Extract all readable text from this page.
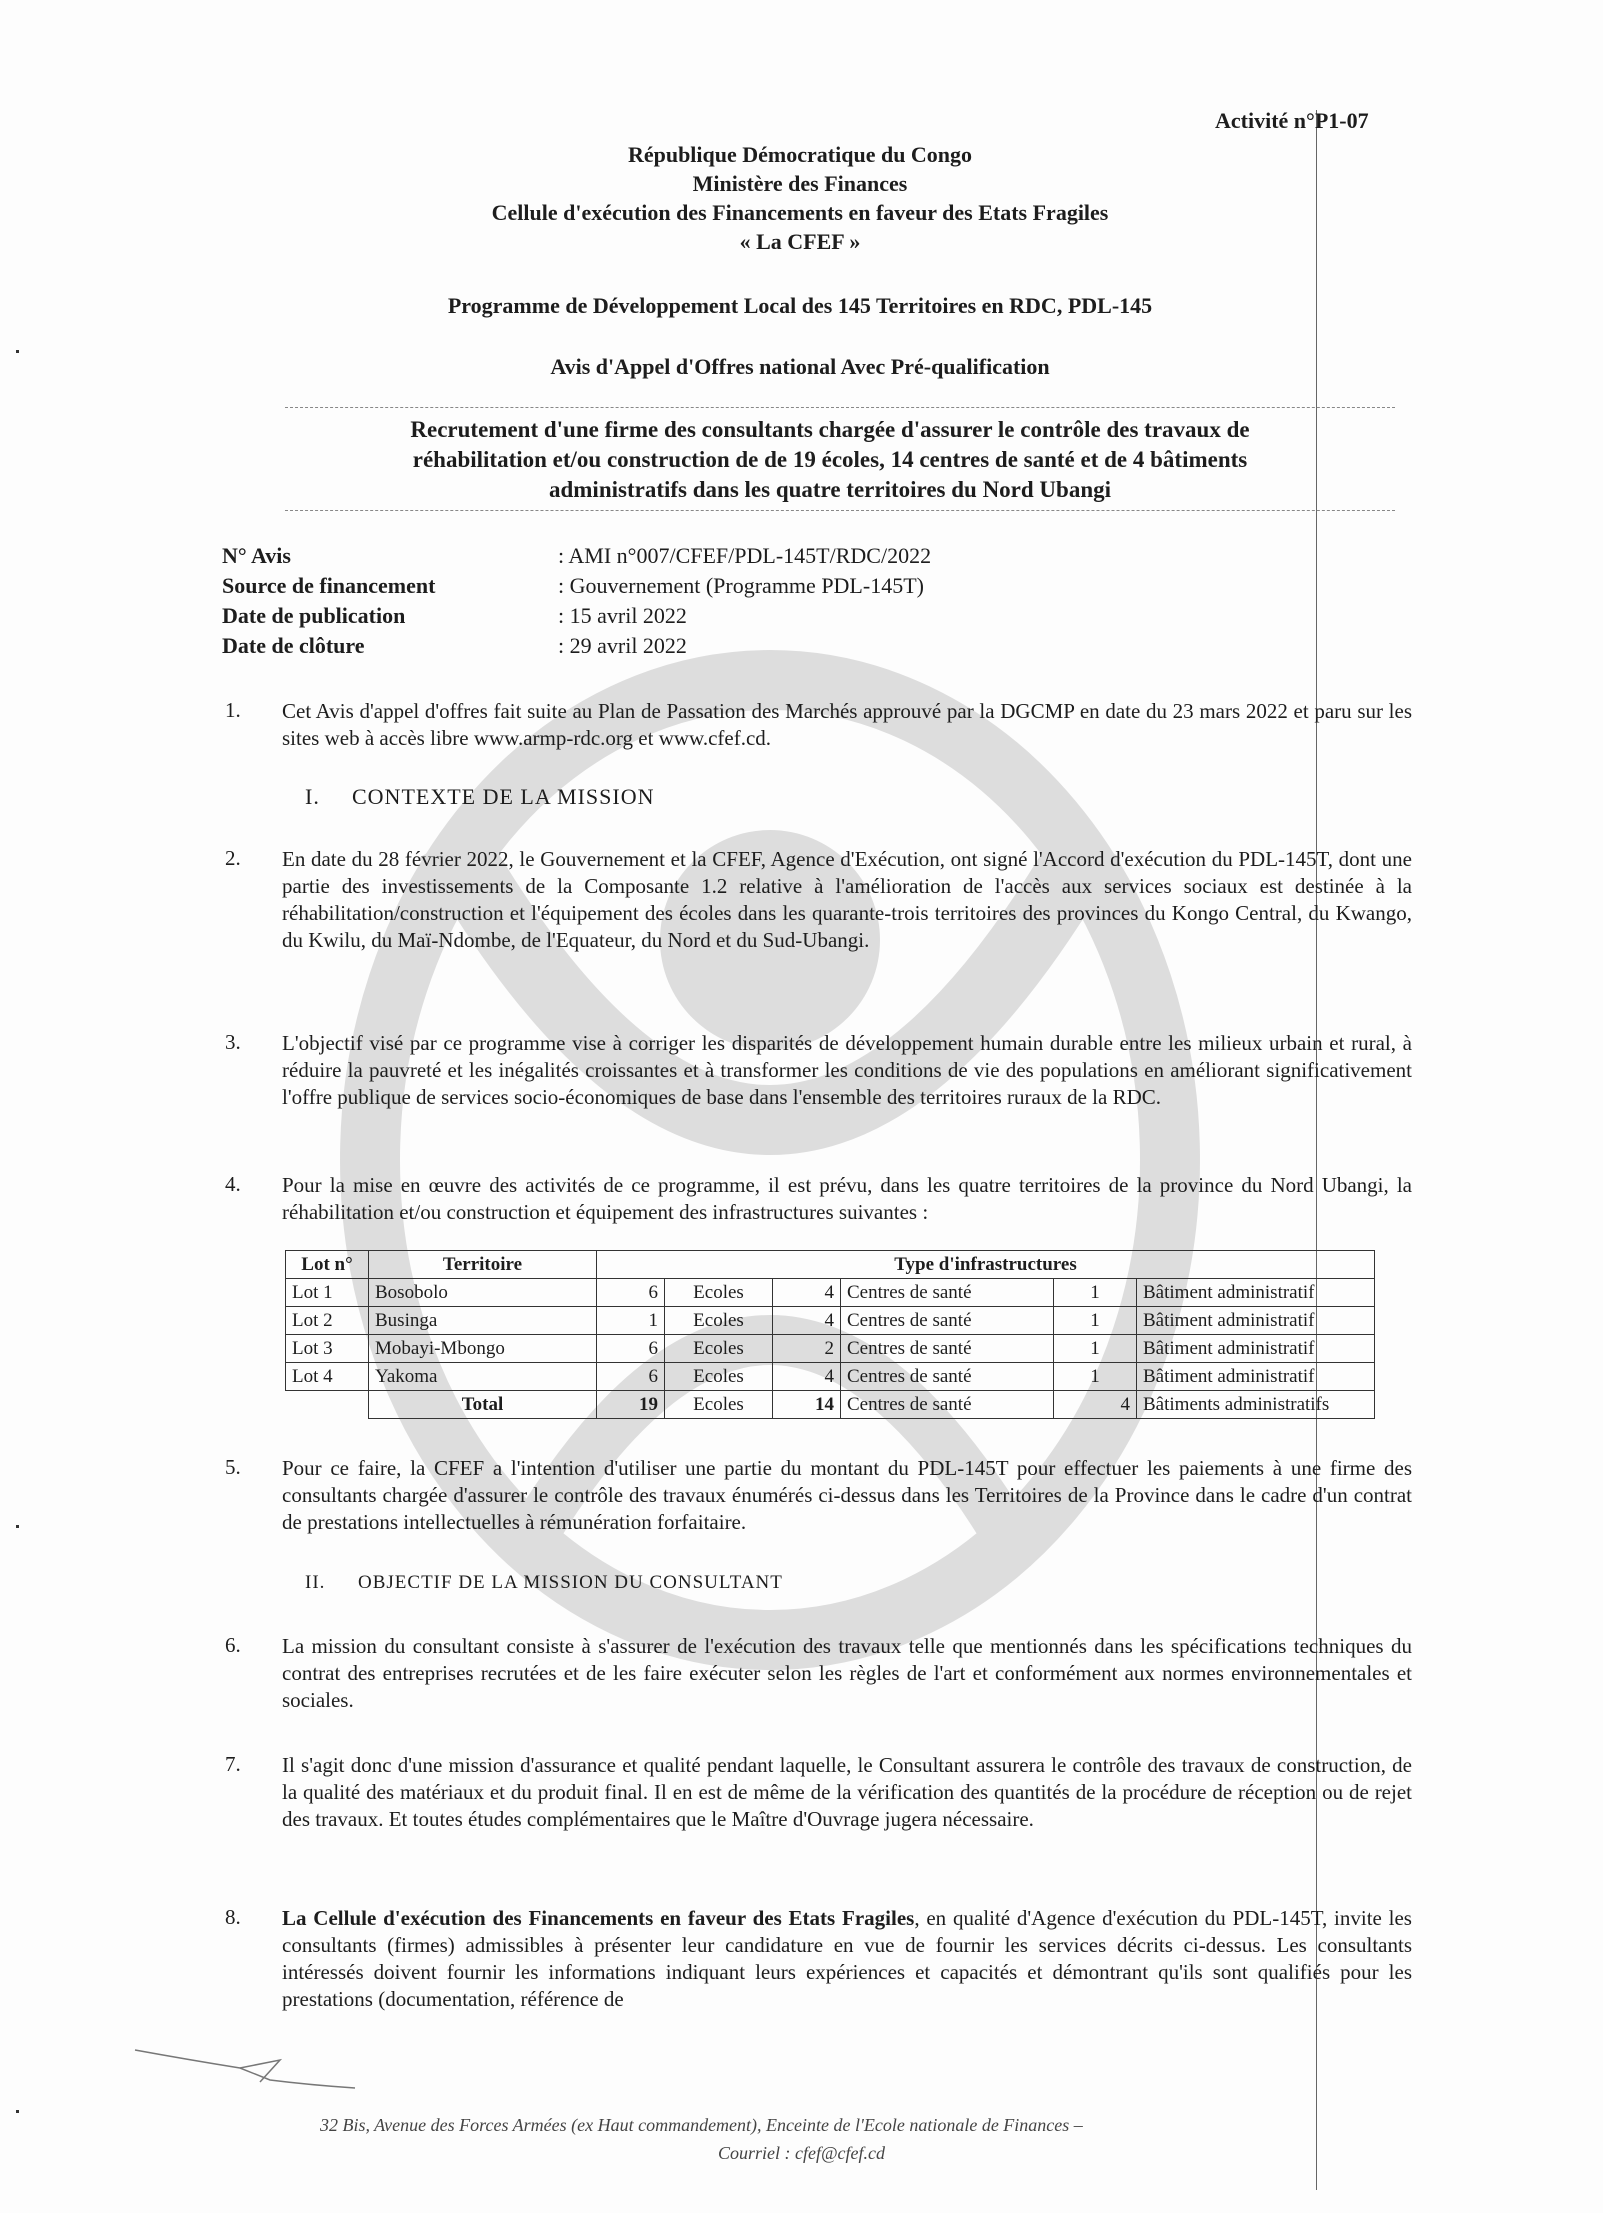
Activité n°P1-07
République Démocratique du Congo
Ministère des Finances
Cellule d'exécution des Financements en faveur des Etats Fragiles
« La CFEF »
Programme de Développement Local des 145 Territoires en RDC, PDL-145
Avis d'Appel d'Offres national Avec Pré-qualification
Recrutement d'une firme des consultants chargée d'assurer le contrôle des travaux de
réhabilitation et/ou construction de de 19 écoles, 14 centres de santé et de 4 bâtiments
administratifs dans les quatre territoires du Nord Ubangi
N° Avis	: AMI n°007/CFEF/PDL-145T/RDC/2022
Source de financement	: Gouvernement (Programme PDL-145T)
Date de publication	: 15 avril 2022
Date de clôture	: 29 avril 2022
1. Cet Avis d'appel d'offres fait suite au Plan de Passation des Marchés approuvé par la DGCMP en date du 23 mars 2022 et paru sur les sites web à accès libre www.armp-rdc.org et www.cfef.cd.
I. CONTEXTE DE LA MISSION
2. En date du 28 février 2022, le Gouvernement et la CFEF, Agence d'Exécution, ont signé l'Accord d'exécution du PDL-145T, dont une partie des investissements de la Composante 1.2 relative à l'amélioration de l'accès aux services sociaux est destinée à la réhabilitation/construction et l'équipement des écoles dans les quarante-trois territoires des provinces du Kongo Central, du Kwango, du Kwilu, du Maï-Ndombe, de l'Equateur, du Nord et du Sud-Ubangi.
3. L'objectif visé par ce programme vise à corriger les disparités de développement humain durable entre les milieux urbain et rural, à réduire la pauvreté et les inégalités croissantes et à transformer les conditions de vie des populations en améliorant significativement l'offre publique de services socio-économiques de base dans l'ensemble des territoires ruraux de la RDC.
4. Pour la mise en œuvre des activités de ce programme, il est prévu, dans les quatre territoires de la province du Nord Ubangi, la réhabilitation et/ou construction et équipement des infrastructures suivantes :
Lot n°	Territoire	Type d'infrastructures					
Lot 1	Bosobolo	6	Ecoles	4	Centres de santé	1	Bâtiment administratif
Lot 2	Businga	1	Ecoles	4	Centres de santé	1	Bâtiment administratif
Lot 3	Mobayi-Mbongo	6	Ecoles	2	Centres de santé	1	Bâtiment administratif
Lot 4	Yakoma	6	Ecoles	4	Centres de santé	1	Bâtiment administratif
	Total	19	Ecoles	14	Centres de santé	4	Bâtiments administratifs
5. Pour ce faire, la CFEF a l'intention d'utiliser une partie du montant du PDL-145T pour effectuer les paiements à une firme des consultants chargée d'assurer le contrôle des travaux énumérés ci-dessus dans les Territoires de la Province dans le cadre d'un contrat de prestations intellectuelles à rémunération forfaitaire.
II. OBJECTIF DE LA MISSION DU CONSULTANT
6. La mission du consultant consiste à s'assurer de l'exécution des travaux telle que mentionnés dans les spécifications techniques du contrat des entreprises recrutées et de les faire exécuter selon les règles de l'art et conformément aux normes environnementales et sociales.
7. Il s'agit donc d'une mission d'assurance et qualité pendant laquelle, le Consultant assurera le contrôle des travaux de construction, de la qualité des matériaux et du produit final. Il en est de même de la vérification des quantités de la procédure de réception ou de rejet des travaux. Et toutes études complémentaires que le Maître d'Ouvrage jugera nécessaire.
8. La Cellule d'exécution des Financements en faveur des Etats Fragiles, en qualité d'Agence d'exécution du PDL-145T, invite les consultants (firmes) admissibles à présenter leur candidature en vue de fournir les services décrits ci-dessus. Les consultants intéressés doivent fournir les informations indiquant leurs expériences et capacités et démontrant qu'ils sont qualifiés pour les prestations (documentation, référence de
32 Bis, Avenue des Forces Armées (ex Haut commandement), Enceinte de l'Ecole nationale de Finances –
Courriel : cfef@cfef.cd
